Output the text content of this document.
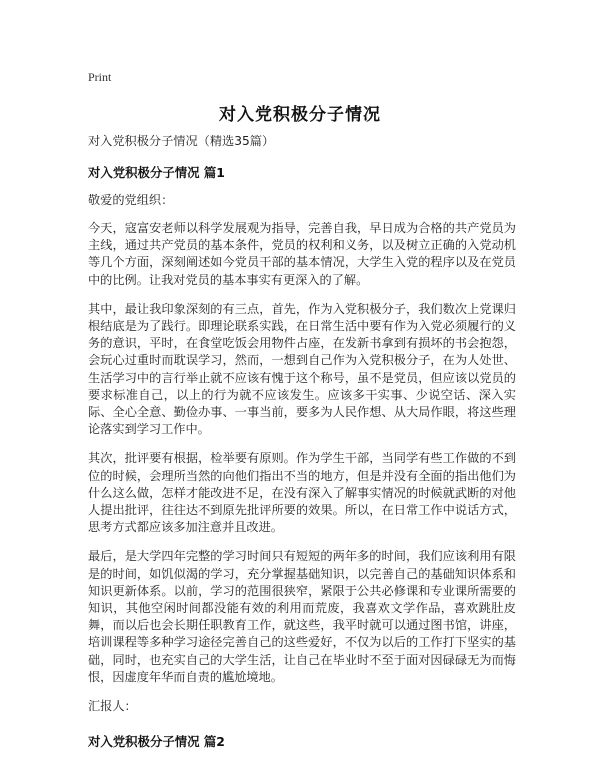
Print

对入党积极分子情况

对入党积极分子情况（精选35篇）

对入党积极分子情况 篇1

敬爱的党组织：

今天，寇富安老师以科学发展观为指导，完善自我，早日成为合格的共产党员为主线，通过共产党员的基本条件，党员的权利和义务，以及树立正确的入党动机等几个方面，深刻阐述如今党员干部的基本情况，大学生入党的程序以及在党员中的比例。让我对党员的基本事实有更深入的了解。

其中，最让我印象深刻的有三点，首先，作为入党积极分子，我们数次上党课归根结底是为了践行。即理论联系实践，在日常生活中要有作为入党必须履行的义务的意识，平时，在食堂吃饭会用物件占座，在发新书拿到有损坏的书会抱怨，会玩心过重时而耽误学习，然而，一想到自己作为入党积极分子，在为人处世、生活学习中的言行举止就不应该有愧于这个称号，虽不是党员，但应该以党员的要求标准自己，以上的行为就不应该发生。应该多干实事、少说空话、深入实际、全心全意、勤俭办事、一事当前，要多为人民作想、从大局作眼，将这些理论落实到学习工作中。

其次，批评要有根据，检举要有原则。作为学生干部，当同学有些工作做的不到位的时候，会理所当然的向他们指出不当的地方，但是并没有全面的指出他们为什么这么做，怎样才能改进不足，在没有深入了解事实情况的时候就武断的对他人提出批评，往往达不到原先批评所要的效果。所以，在日常工作中说话方式，思考方式都应该多加注意并且改进。

最后，是大学四年完整的学习时间只有短短的两年多的时间，我们应该利用有限是的时间，如饥似渴的学习，充分掌握基础知识，以完善自己的基础知识体系和知识更新体系。以前，学习的范围很狭窄，紧限于公共必修课和专业课所需要的知识，其他空闲时间都没能有效的利用而荒废，我喜欢文学作品，喜欢跳肚皮舞，而以后也会长期任职教育工作，就这些，我平时就可以通过图书馆，讲座，培训课程等多种学习途径完善自己的这些爱好，不仅为以后的工作打下坚实的基础，同时，也充实自己的大学生活，让自己在毕业时不至于面对因碌碌无为而悔恨，因虚度年华而自责的尴尬境地。

汇报人：

对入党积极分子情况 篇2
